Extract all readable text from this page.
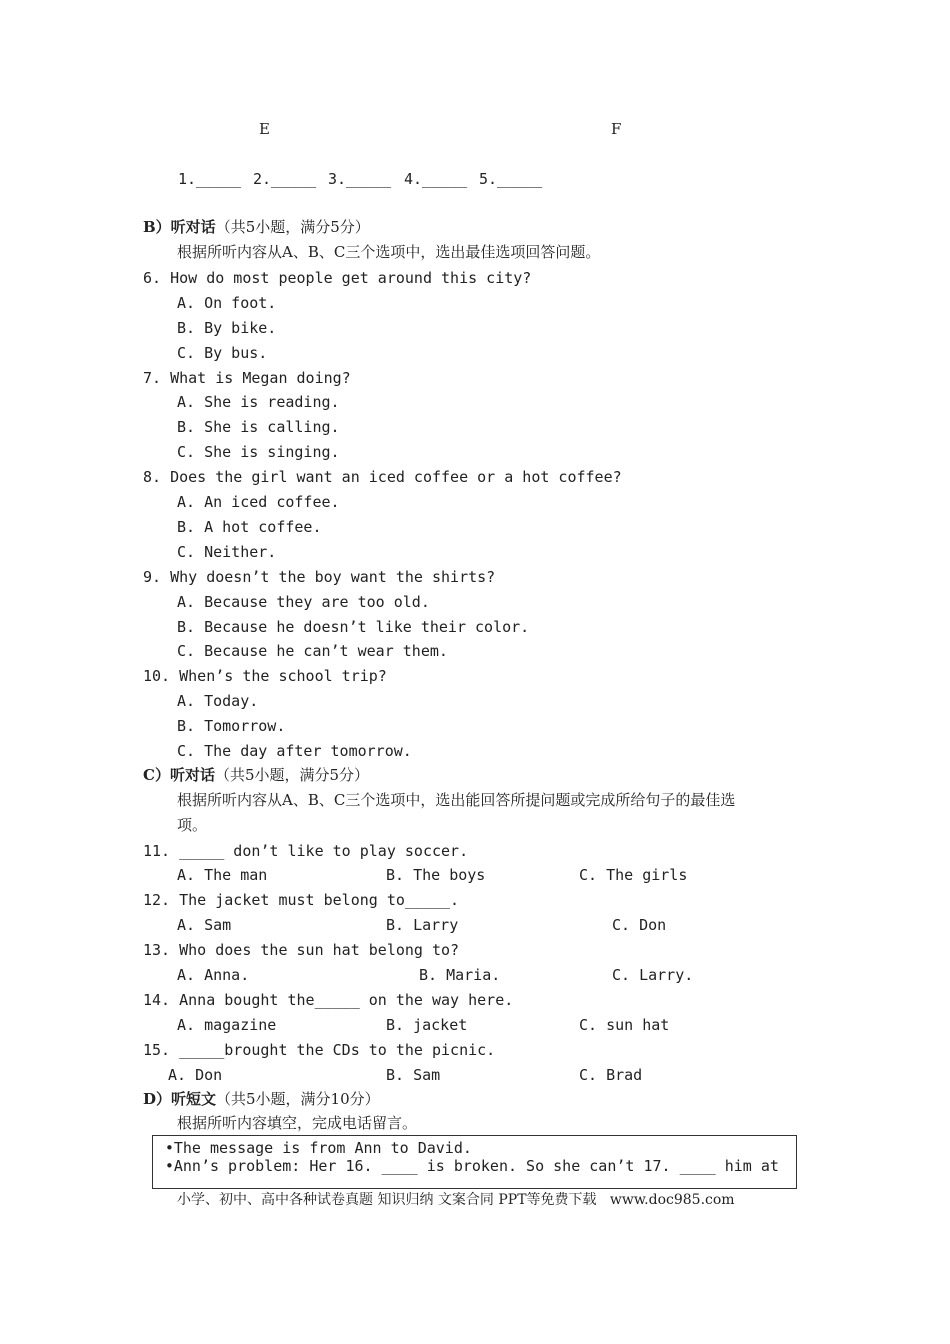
E	F
1._____ 2._____ 3._____ 4._____ 5._____
B）听对话（共5小题，满分5分）
根据所听内容从A、B、C三个选项中，选出最佳选项回答问题。
6. How do most people get around this city?
A. On foot.
B. By bike.
C. By bus.
7. What is Megan doing?
A. She is reading.
B. She is calling.
C. She is singing.
8. Does the girl want an iced coffee or a hot coffee?
A. An iced coffee.
B. A hot coffee.
C. Neither.
9. Why doesn’t the boy want the shirts?
A. Because they are too old.
B. Because he doesn’t like their color.
C. Because he can’t wear them.
10. When’s the school trip?
A. Today.
B. Tomorrow.
C. The day after tomorrow.
C）听对话（共5小题，满分5分）
根据所听内容从A、B、C三个选项中，选出能回答所提问题或完成所给句子的最佳选
项。
11. _____ don’t like to play soccer.
A. The man	B. The boys	C. The girls
12. The jacket must belong to_____.
A. Sam	B. Larry	C. Don
13. Who does the sun hat belong to?
A. Anna.	B. Maria.	C. Larry.
14. Anna bought the_____ on the way here.
A. magazine	B. jacket	C. sun hat
15. _____brought the CDs to the picnic.
A. Don	B. Sam	C. Brad
D）听短文（共5小题，满分10分）
根据所听内容填空，完成电话留言。
•The message is from Ann to David.
•Ann’s problem: Her 16. ____ is broken. So she can’t 17. ____ him at
小学、初中、高中各种试卷真题 知识归纳 文案合同 PPT等免费下载   www.doc985.com
